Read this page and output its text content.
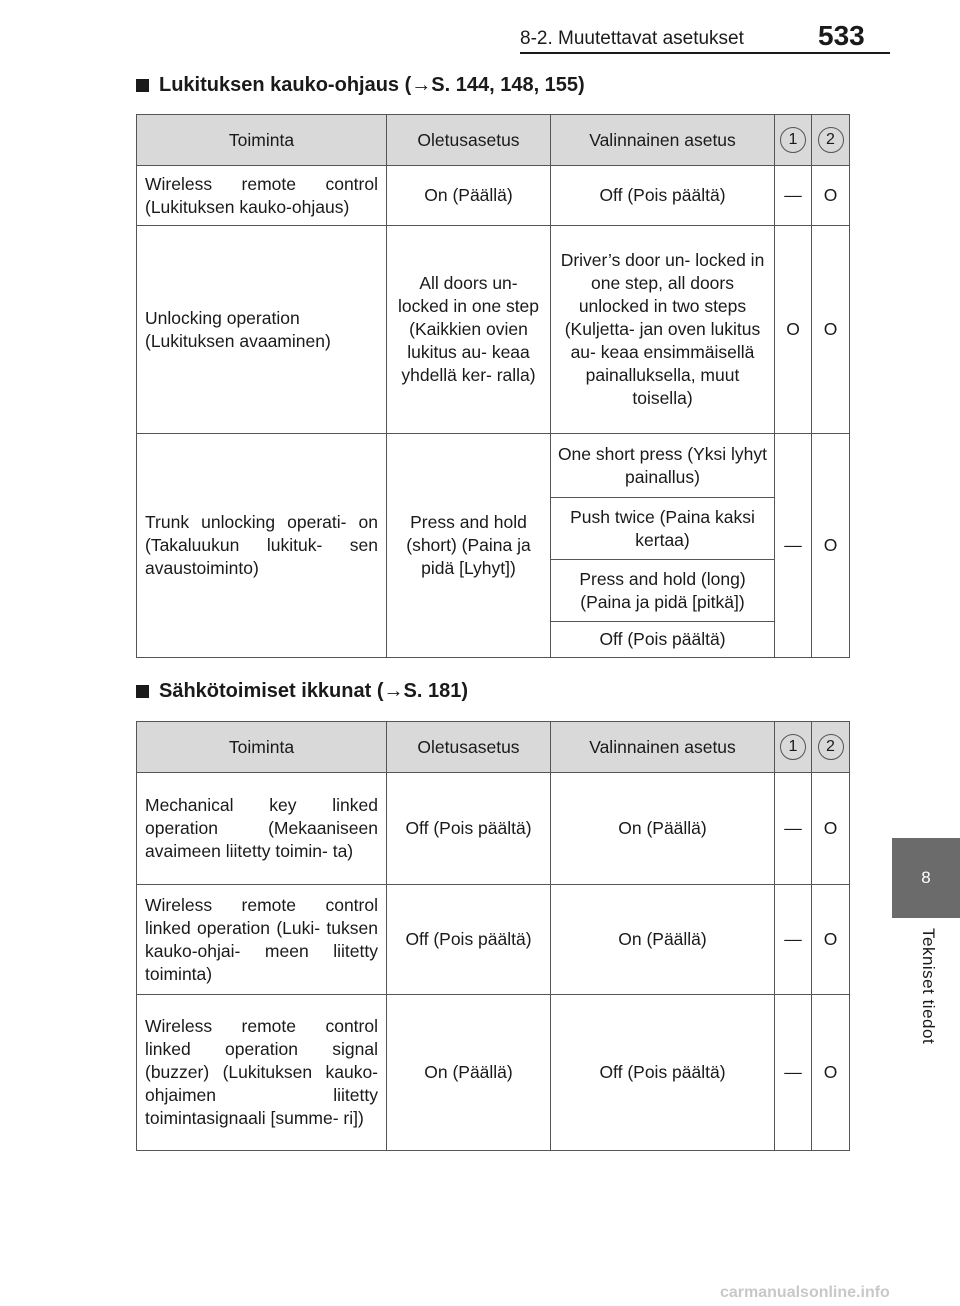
8-2. Muutettavat asetukset	533
8
Tekniset tiedot
Lukituksen kauko-ohjaus (→S. 144, 148, 155)
Toiminta	Oletusasetus	Valinnainen asetus	1	2
Wireless remote control (Lukituksen kauko-ohjaus)	On (Päällä)	Off (Pois päältä)	—	O
Unlocking operation (Lukituksen avaaminen)	All doors un- locked in one step (Kaikkien ovien lukitus au- keaa yhdellä ker- ralla)	Driver’s door un- locked in one step, all doors unlocked in two steps (Kuljetta- jan oven lukitus au- keaa ensimmäisellä painalluksella, muut toisella)	O	O
Trunk unlocking operati- on (Takaluukun lukituk- sen avaustoiminto)	Press and hold (short) (Paina ja pidä [Lyhyt])	One short press (Yksi lyhyt painallus)	—	O
		Push twice (Paina kaksi kertaa)		
		Press and hold (long) (Paina ja pidä [pitkä])		
		Off (Pois päältä)		
Sähkötoimiset ikkunat (→S. 181)
Toiminta	Oletusasetus	Valinnainen asetus	1	2
Mechanical key linked operation (Mekaaniseen avaimeen liitetty toimin- ta)	Off (Pois päältä)	On (Päällä)	—	O
Wireless remote control linked operation (Luki- tuksen kauko-ohjai- meen liitetty toiminta)	Off (Pois päältä)	On (Päällä)	—	O
Wireless remote control linked operation signal (buzzer) (Lukituksen kauko-ohjaimen liitetty toimintasignaali [summe- ri])	On (Päällä)	Off (Pois päältä)	—	O
carmanualsonline.info
